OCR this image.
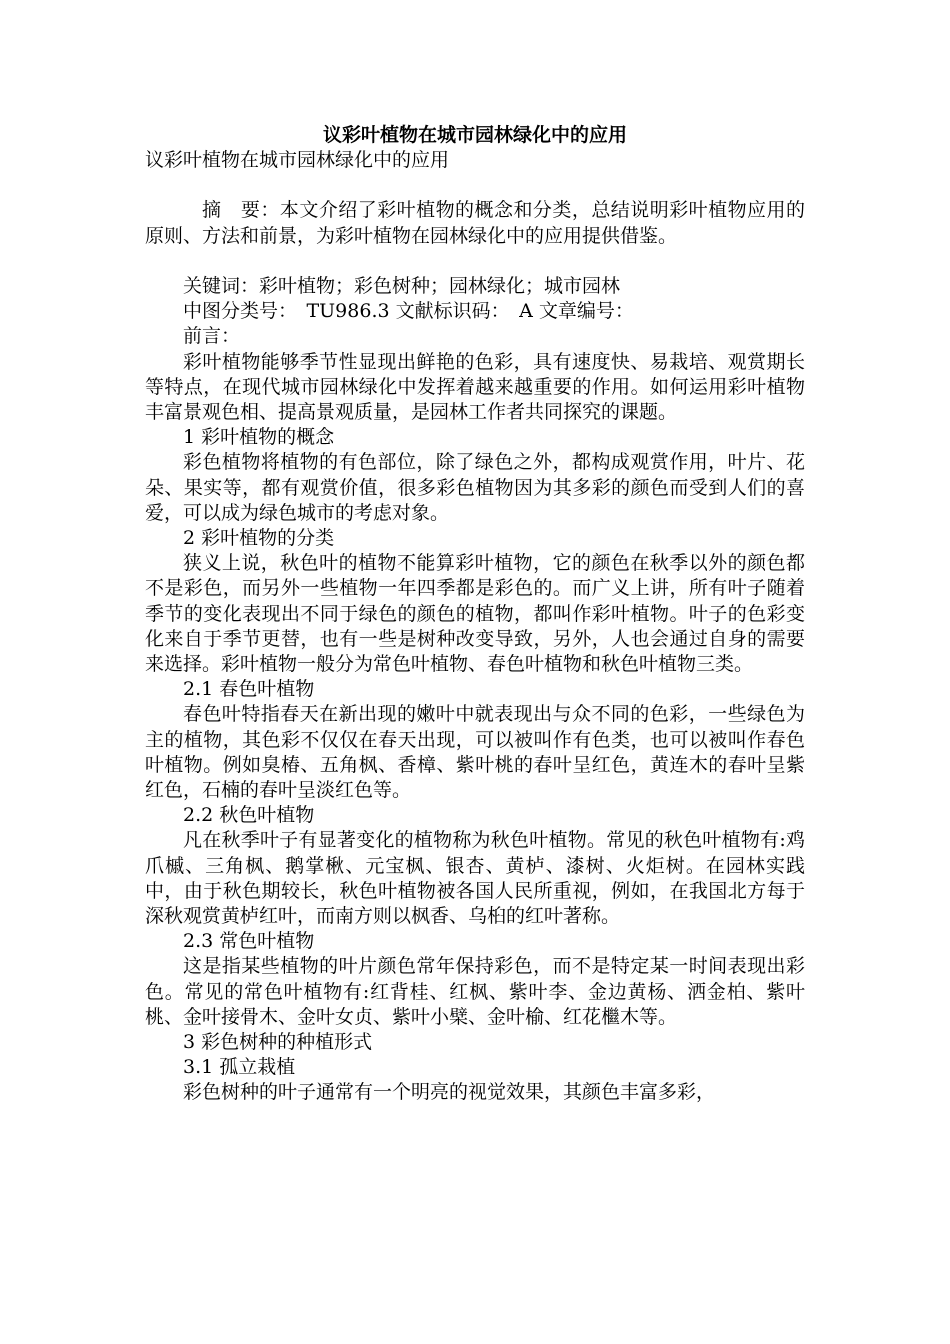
议彩叶植物在城市园林绿化中的应用

议彩叶植物在城市园林绿化中的应用

摘　要：本文介绍了彩叶植物的概念和分类，总结说明彩叶植物应用的原则、方法和前景，为彩叶植物在园林绿化中的应用提供借鉴。

关键词：彩叶植物；彩色树种；园林绿化；城市园林

中图分类号：　TU986.3 文献标识码：　A 文章编号：

前言：

彩叶植物能够季节性显现出鲜艳的色彩，具有速度快、易栽培、观赏期长等特点，在现代城市园林绿化中发挥着越来越重要的作用。如何运用彩叶植物丰富景观色相、提高景观质量，是园林工作者共同探究的课题。

1 彩叶植物的概念

彩色植物将植物的有色部位，除了绿色之外，都构成观赏作用，叶片、花朵、果实等，都有观赏价值，很多彩色植物因为其多彩的颜色而受到人们的喜爱，可以成为绿色城市的考虑对象。

2 彩叶植物的分类

狭义上说，秋色叶的植物不能算彩叶植物，它的颜色在秋季以外的颜色都不是彩色，而另外一些植物一年四季都是彩色的。而广义上讲，所有叶子随着季节的变化表现出不同于绿色的颜色的植物，都叫作彩叶植物。叶子的色彩变化来自于季节更替，也有一些是树种改变导致，另外，人也会通过自身的需要来选择。彩叶植物一般分为常色叶植物、春色叶植物和秋色叶植物三类。

2.1 春色叶植物

春色叶特指春天在新出现的嫩叶中就表现出与众不同的色彩，一些绿色为主的植物，其色彩不仅仅在春天出现，可以被叫作有色类，也可以被叫作春色叶植物。例如臭椿、五角枫、香樟、紫叶桃的春叶呈红色，黄连木的春叶呈紫红色，石楠的春叶呈淡红色等。

2.2 秋色叶植物

凡在秋季叶子有显著变化的植物称为秋色叶植物。常见的秋色叶植物有:鸡爪槭、三角枫、鹅掌楸、元宝枫、银杏、黄栌、漆树、火炬树。在园林实践中，由于秋色期较长，秋色叶植物被各国人民所重视，例如，在我国北方每于深秋观赏黄栌红叶，而南方则以枫香、乌桕的红叶著称。

2.3 常色叶植物

这是指某些植物的叶片颜色常年保持彩色，而不是特定某一时间表现出彩色。常见的常色叶植物有:红背桂、红枫、紫叶李、金边黄杨、洒金柏、紫叶桃、金叶接骨木、金叶女贞、紫叶小檗、金叶榆、红花檵木等。

3 彩色树种的种植形式

3.1 孤立栽植

彩色树种的叶子通常有一个明亮的视觉效果，其颜色丰富多彩，
